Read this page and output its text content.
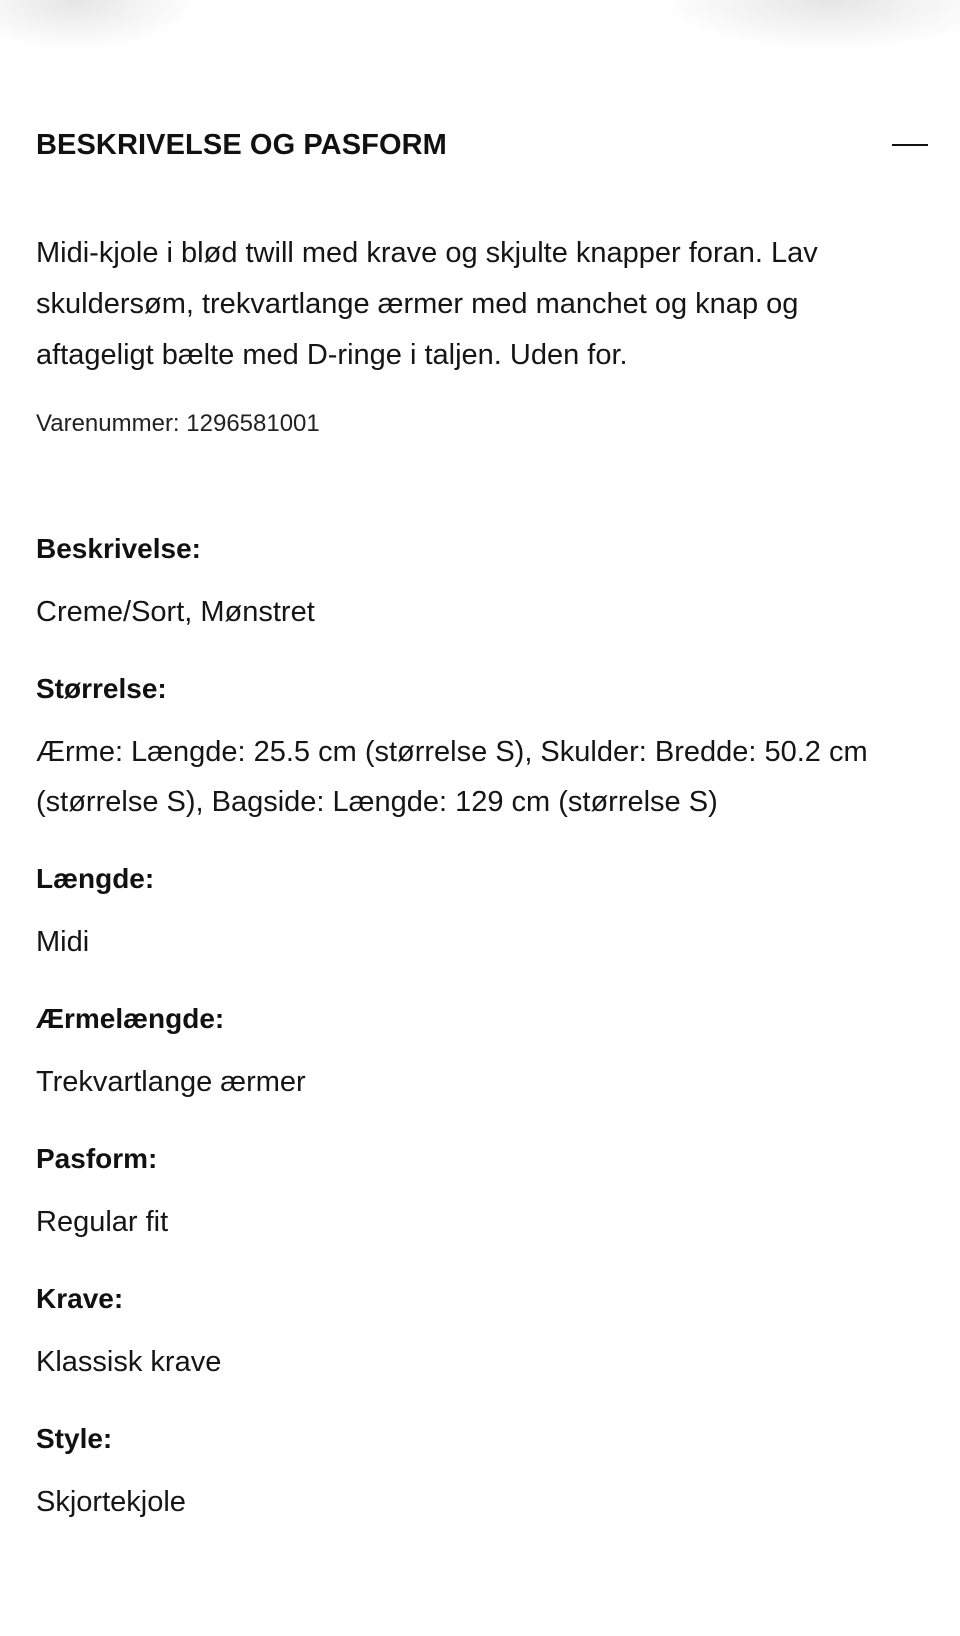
BESKRIVELSE OG PASFORM

Midi-kjole i blød twill med krave og skjulte knapper foran. Lav skuldersøm, trekvartlange ærmer med manchet og knap og aftageligt bælte med D-ringe i taljen. Uden for.

Varenummer: 1296581001
Beskrivelse:
Creme/Sort, Mønstret
Størrelse:
Ærme: Længde: 25.5 cm (størrelse S), Skulder: Bredde: 50.2 cm (størrelse S), Bagside: Længde: 129 cm (størrelse S)
Længde:
Midi
Ærmelængde:
Trekvartlange ærmer
Pasform:
Regular fit
Krave:
Klassisk krave
Style:
Skjortekjole
